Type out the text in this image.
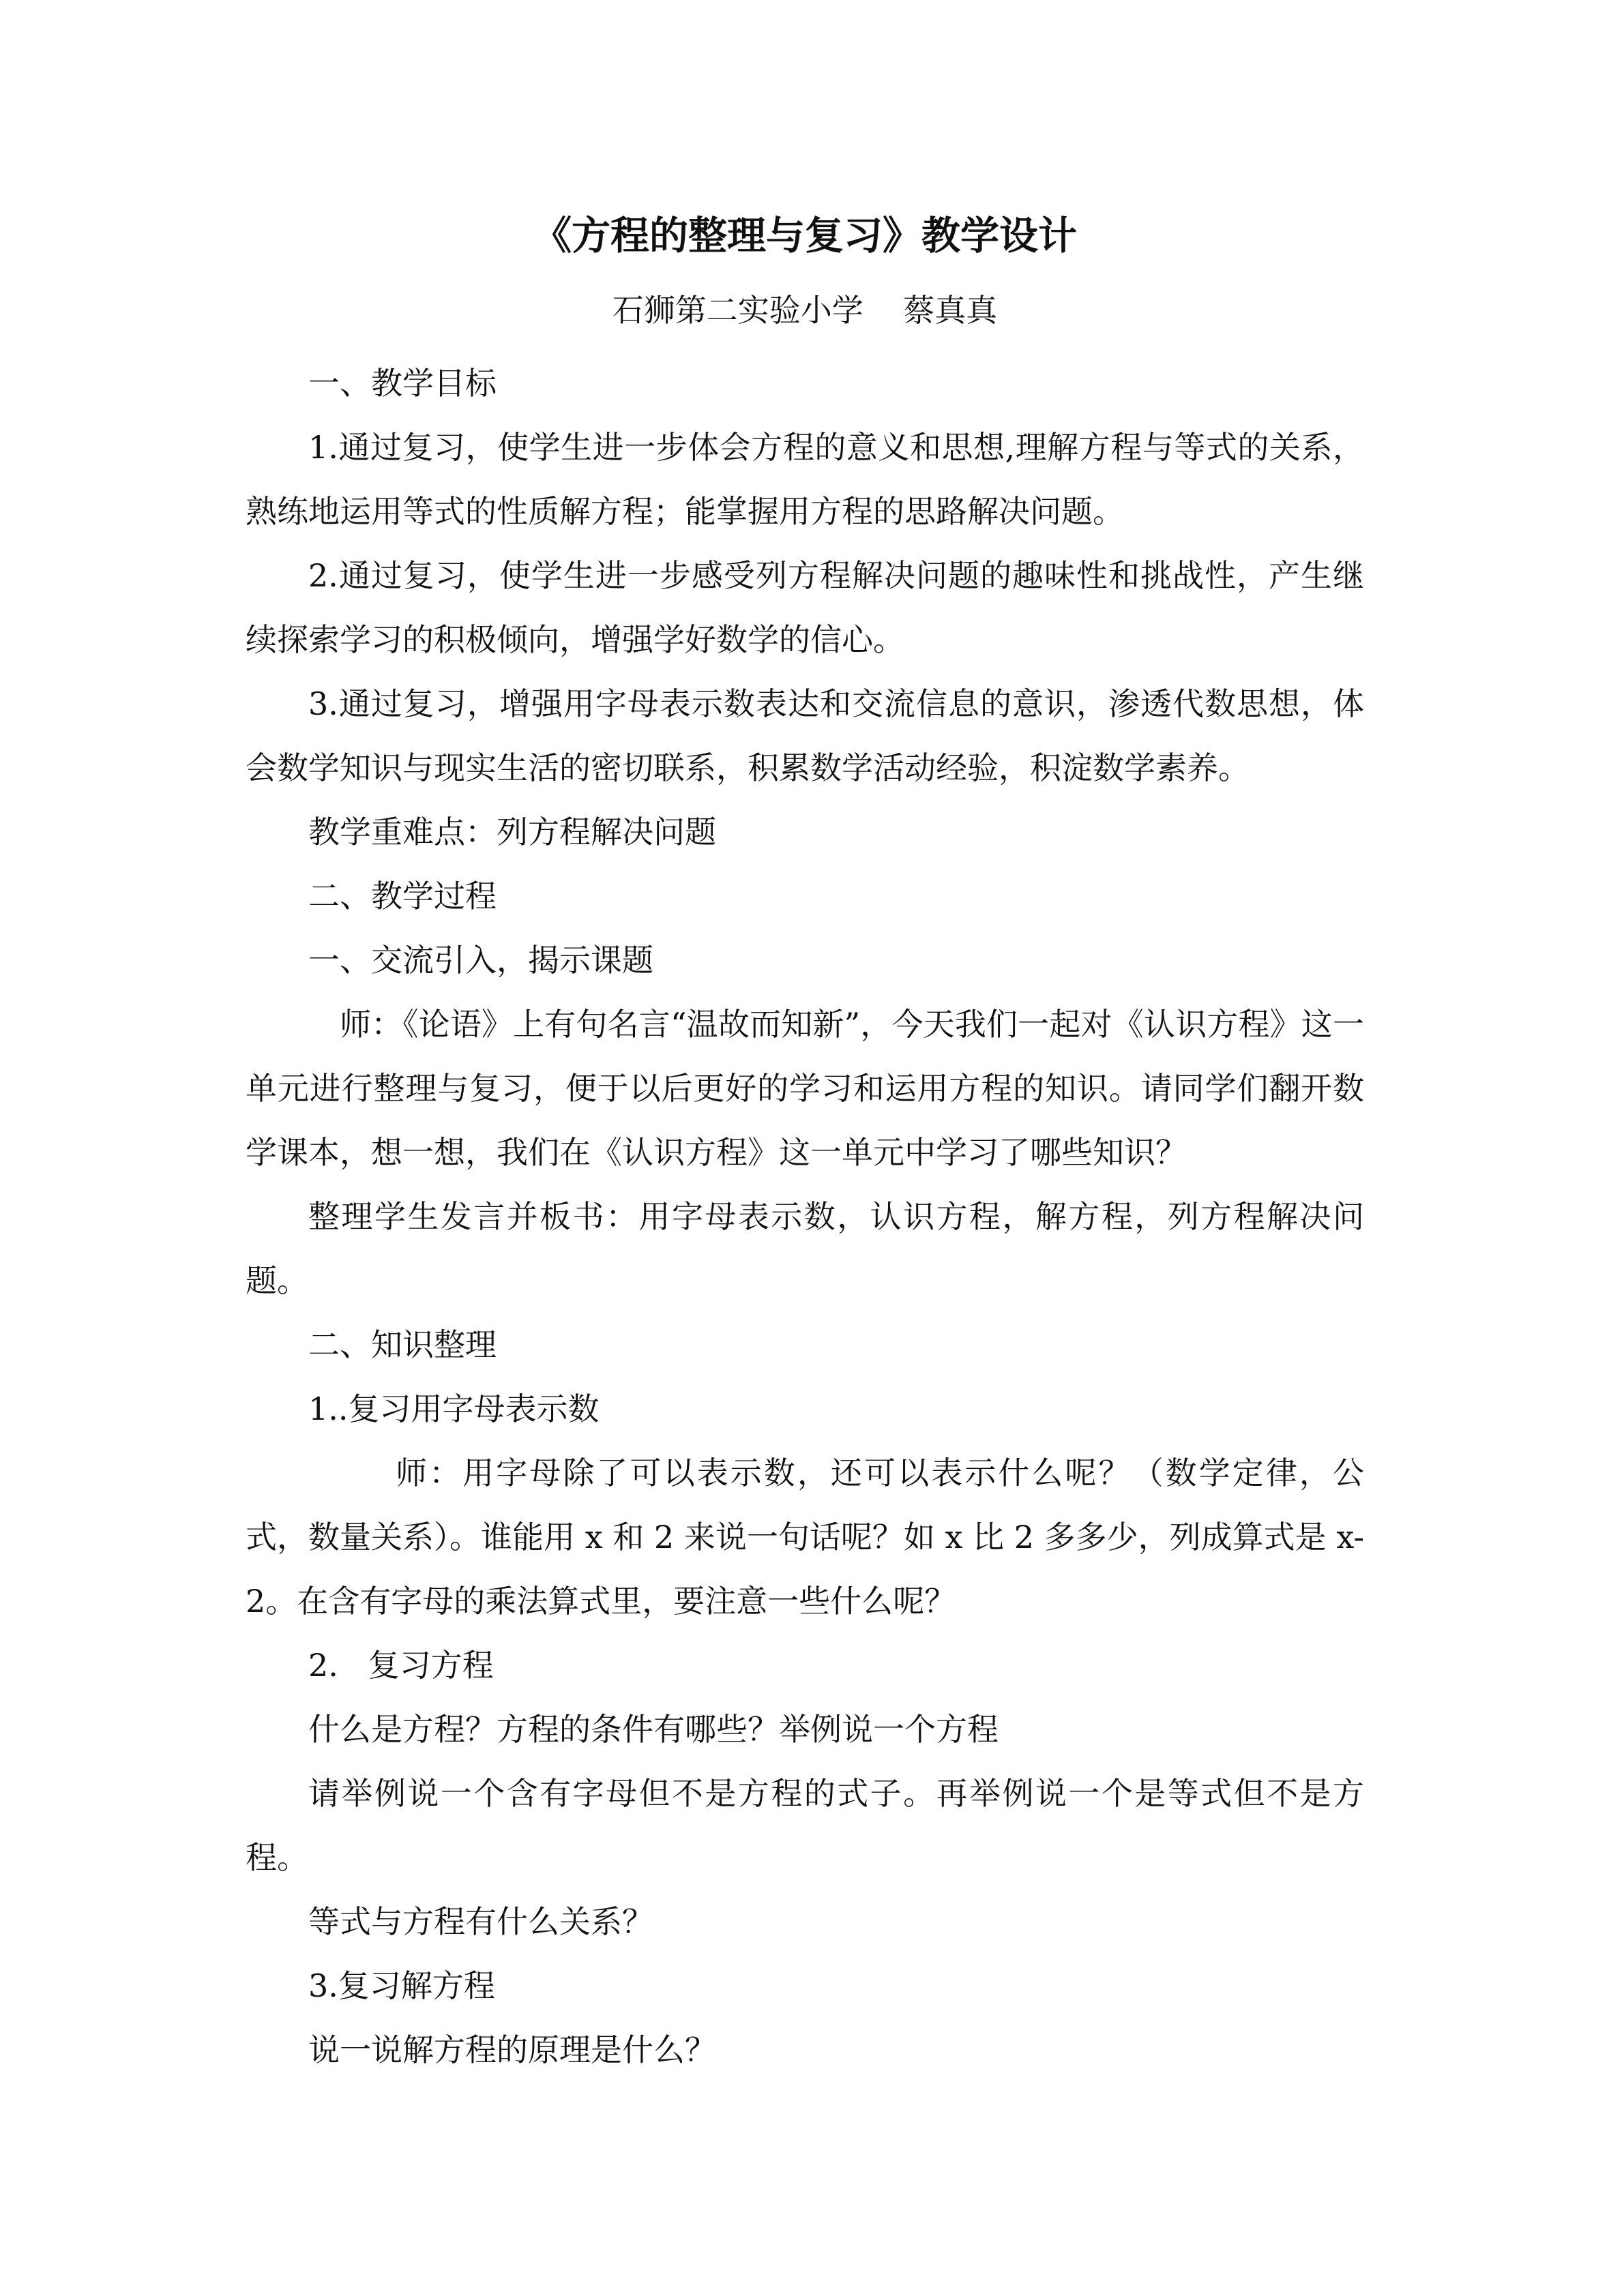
《方程的整理与复习》教学设计
石狮第二实验小学    蔡真真

一、教学目标

1.通过复习，使学生进一步体会方程的意义和思想,理解方程与等式的关系，熟练地运用等式的性质解方程；能掌握用方程的思路解决问题。

2.通过复习，使学生进一步感受列方程解决问题的趣味性和挑战性，产生继续探索学习的积极倾向，增强学好数学的信心。

3.通过复习，增强用字母表示数表达和交流信息的意识，渗透代数思想，体会数学知识与现实生活的密切联系，积累数学活动经验，积淀数学素养。

教学重难点：列方程解决问题

二、教学过程

一、交流引入，揭示课题

师：《论语》上有句名言“温故而知新”，今天我们一起对《认识方程》这一单元进行整理与复习，便于以后更好的学习和运用方程的知识。请同学们翻开数学课本，想一想，我们在《认识方程》这一单元中学习了哪些知识？

整理学生发言并板书：用字母表示数，认识方程，解方程，列方程解决问题。

二、知识整理

1..复习用字母表示数

师：用字母除了可以表示数，还可以表示什么呢？（数学定律，公式，数量关系）。谁能用 x 和 2 来说一句话呢？如 x 比 2 多多少，列成算式是 x-2。在含有字母的乘法算式里，要注意一些什么呢？

2.   复习方程

什么是方程？方程的条件有哪些？举例说一个方程

请举例说一个含有字母但不是方程的式子。再举例说一个是等式但不是方程。

等式与方程有什么关系？

3.复习解方程

说一说解方程的原理是什么？
